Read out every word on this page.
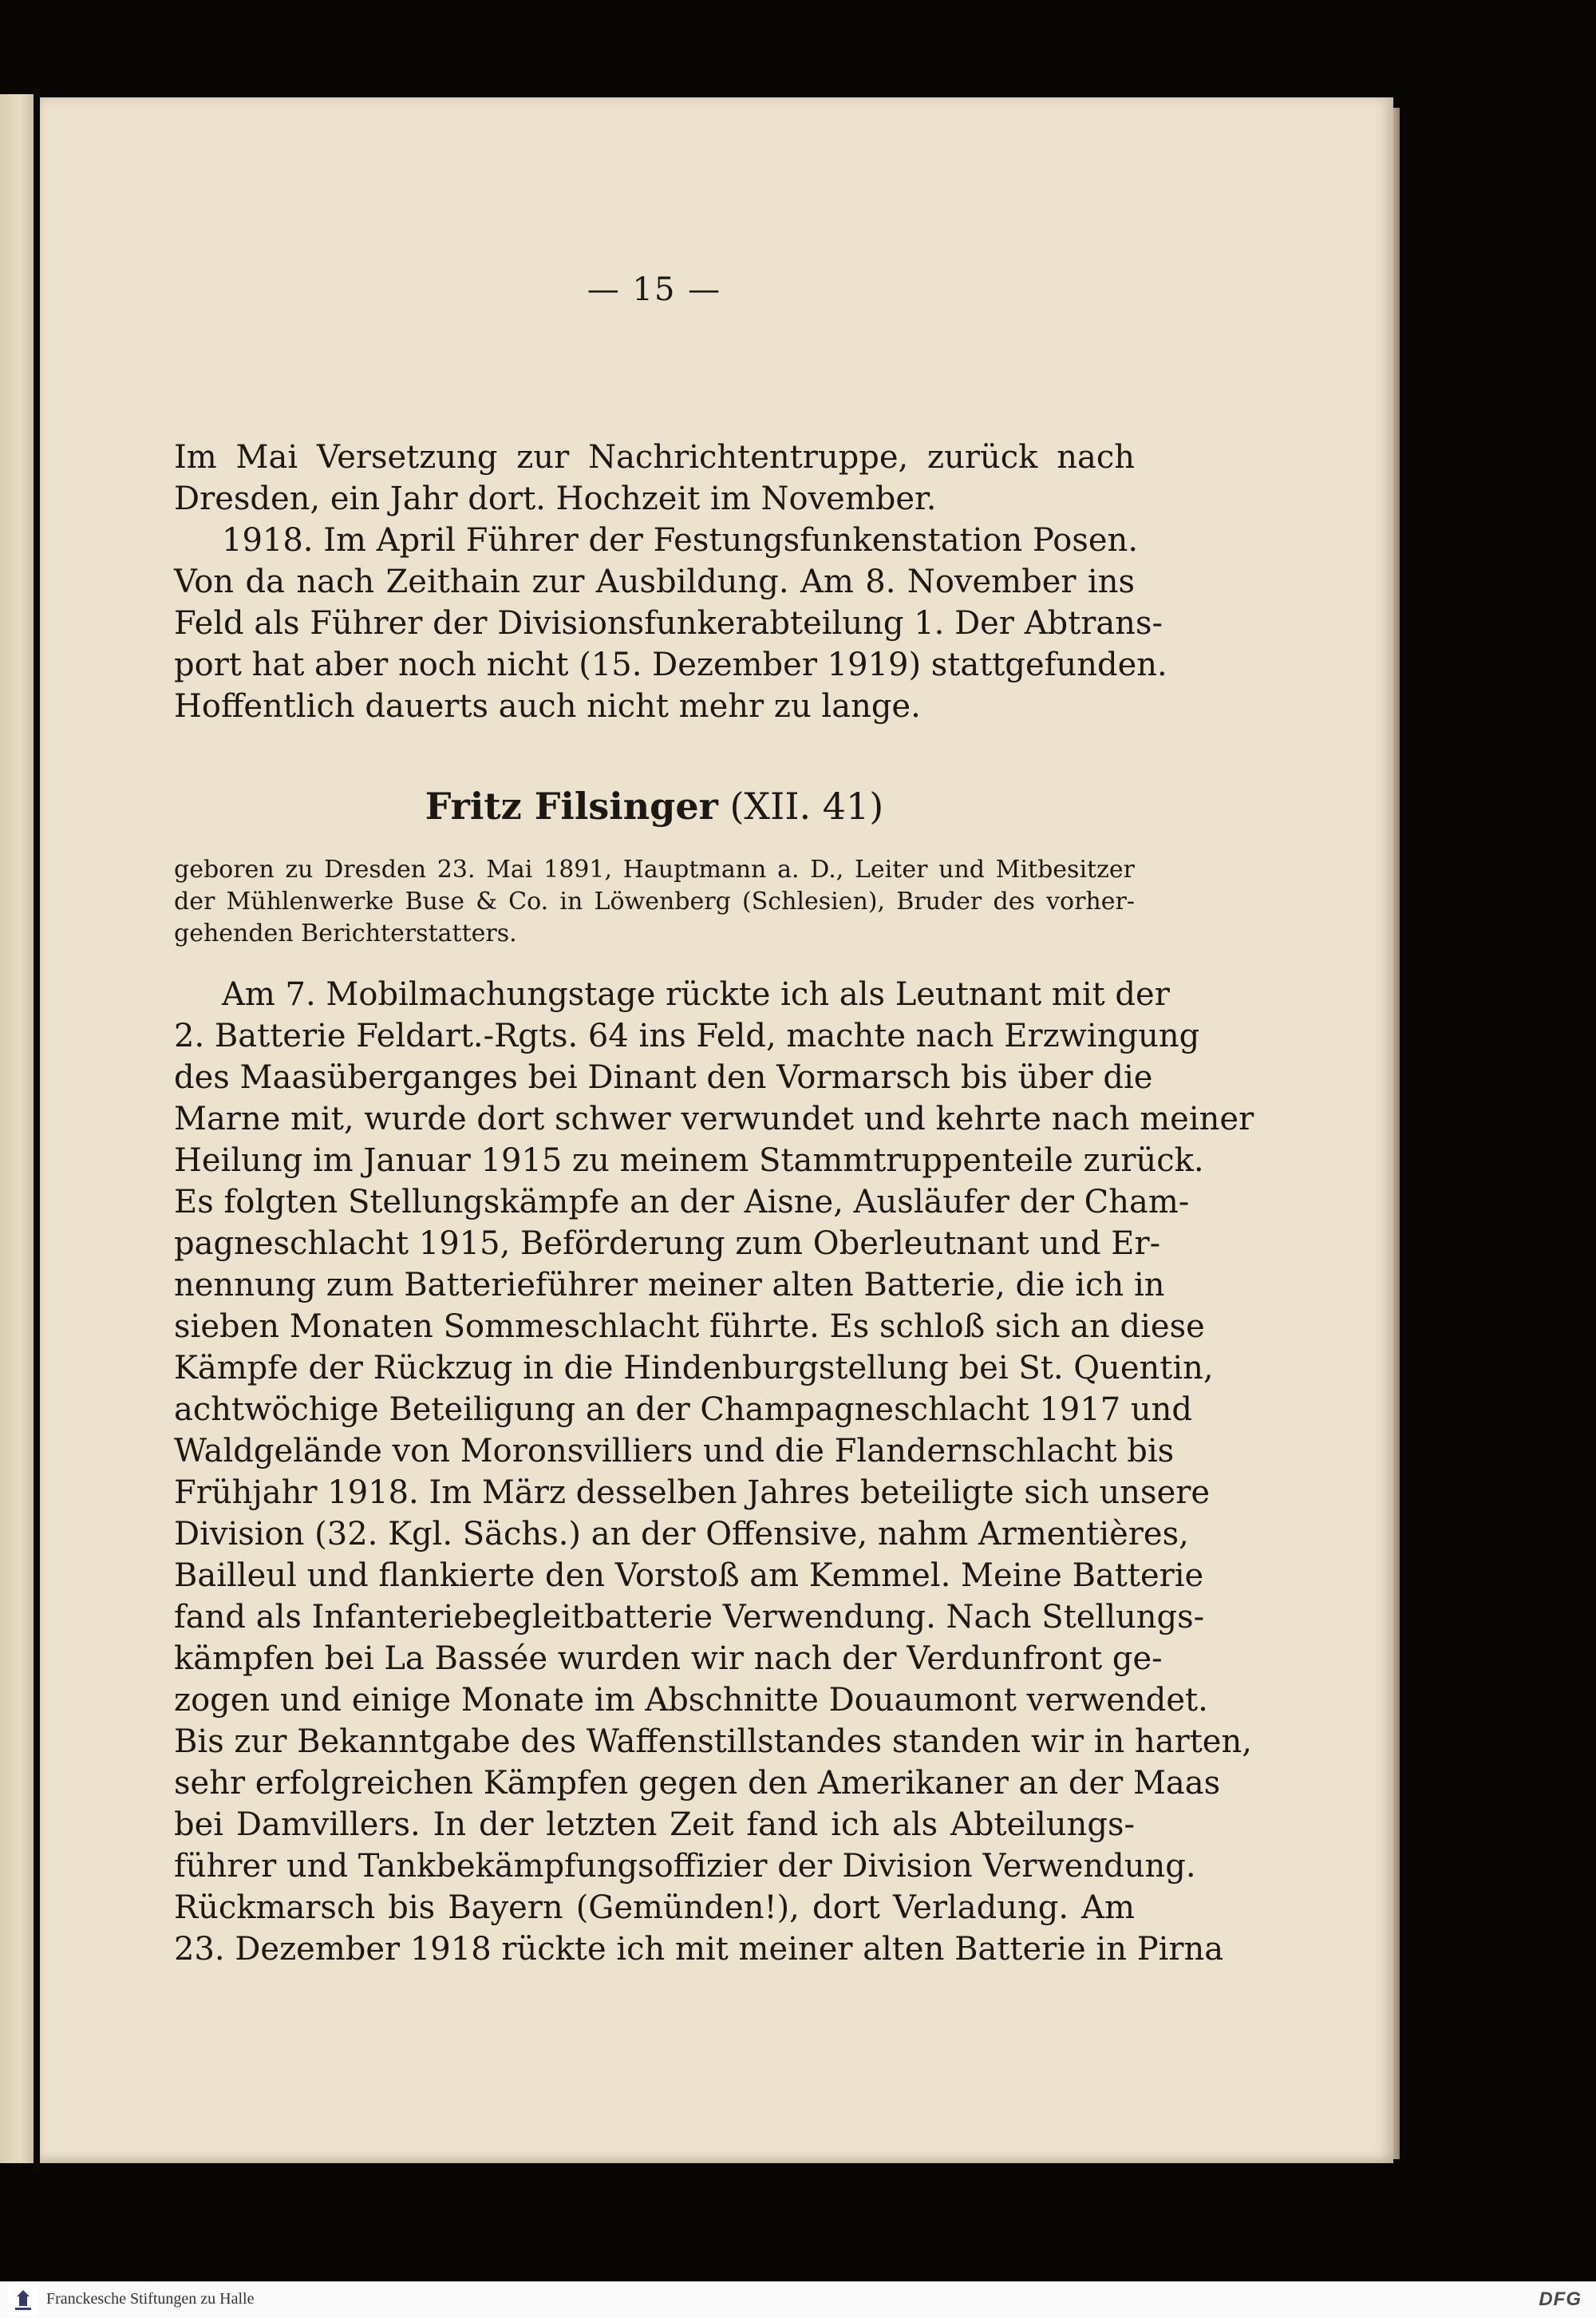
— 15 —
Im Mai Versetzung zur Nachrichtentruppe, zurück nach
Dresden, ein Jahr dort. Hochzeit im November.
1918. Im April Führer der Festungsfunkenstation Posen.
Von da nach Zeithain zur Ausbildung. Am 8. November ins
Feld als Führer der Divisionsfunkerabteilung 1. Der Abtrans-
port hat aber noch nicht (15. Dezember 1919) stattgefunden.
Hoffentlich dauerts auch nicht mehr zu lange.
Fritz Filsinger (XII. 41)
geboren zu Dresden 23. Mai 1891, Hauptmann a. D., Leiter und Mitbesitzer
der Mühlenwerke Buse & Co. in Löwenberg (Schlesien), Bruder des vorher-
gehenden Berichterstatters.
Am 7. Mobilmachungstage rückte ich als Leutnant mit der
2. Batterie Feldart.-Rgts. 64 ins Feld, machte nach Erzwingung
des Maasüberganges bei Dinant den Vormarsch bis über die
Marne mit, wurde dort schwer verwundet und kehrte nach meiner
Heilung im Januar 1915 zu meinem Stammtruppenteile zurück.
Es folgten Stellungskämpfe an der Aisne, Ausläufer der Cham-
pagneschlacht 1915, Beförderung zum Oberleutnant und Er-
nennung zum Batterieführer meiner alten Batterie, die ich in
sieben Monaten Sommeschlacht führte. Es schloß sich an diese
Kämpfe der Rückzug in die Hindenburgstellung bei St. Quentin,
achtwöchige Beteiligung an der Champagneschlacht 1917 und
Waldgelände von Moronsvilliers und die Flandernschlacht bis
Frühjahr 1918. Im März desselben Jahres beteiligte sich unsere
Division (32. Kgl. Sächs.) an der Offensive, nahm Armentières,
Bailleul und flankierte den Vorstoß am Kemmel. Meine Batterie
fand als Infanteriebegleitbatterie Verwendung. Nach Stellungs-
kämpfen bei La Bassée wurden wir nach der Verdunfront ge-
zogen und einige Monate im Abschnitte Douaumont verwendet.
Bis zur Bekanntgabe des Waffenstillstandes standen wir in harten,
sehr erfolgreichen Kämpfen gegen den Amerikaner an der Maas
bei Damvillers. In der letzten Zeit fand ich als Abteilungs-
führer und Tankbekämpfungsoffizier der Division Verwendung.
Rückmarsch bis Bayern (Gemünden!), dort Verladung. Am
23. Dezember 1918 rückte ich mit meiner alten Batterie in Pirna
Franckesche Stiftungen zu Halle	DFG
